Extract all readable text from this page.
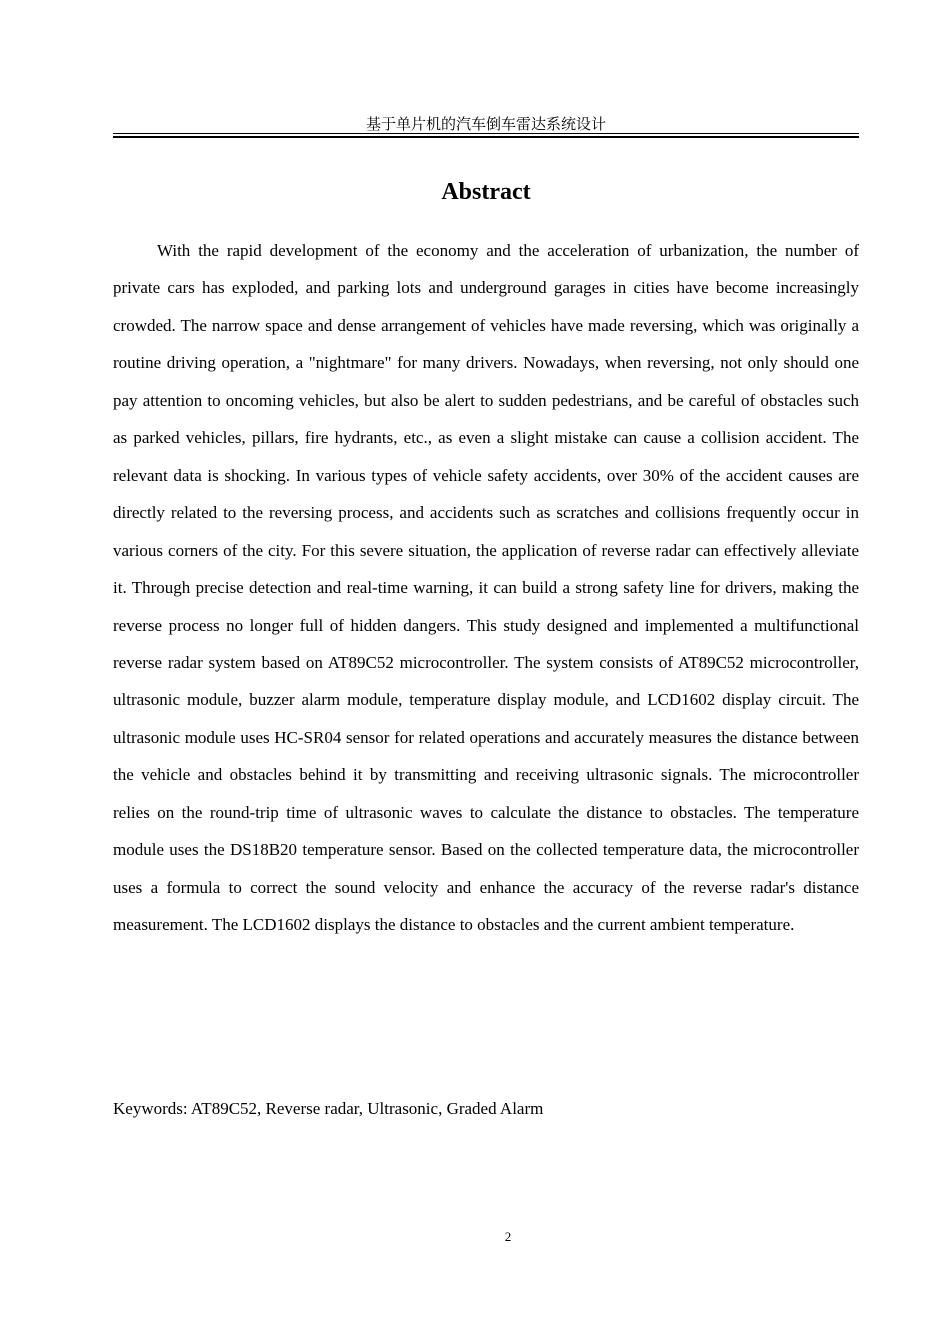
基于单片机的汽车倒车雷达系统设计
Abstract

With the rapid development of the economy and the acceleration of urbanization, the number of private cars has exploded, and parking lots and underground garages in cities have become increasingly crowded. The narrow space and dense arrangement of vehicles have made reversing, which was originally a routine driving operation, a "nightmare" for many drivers. Nowadays, when reversing, not only should one pay attention to oncoming vehicles, but also be alert to sudden pedestrians, and be careful of obstacles such as parked vehicles, pillars, fire hydrants, etc., as even a slight mistake can cause a collision accident. The relevant data is shocking. In various types of vehicle safety accidents, over 30% of the accident causes are directly related to the reversing process, and accidents such as scratches and collisions frequently occur in various corners of the city. For this severe situation, the application of reverse radar can effectively alleviate it. Through precise detection and real-time warning, it can build a strong safety line for drivers, making the reverse process no longer full of hidden dangers. This study designed and implemented a multifunctional reverse radar system based on AT89C52 microcontroller. The system consists of AT89C52 microcontroller, ultrasonic module, buzzer alarm module, temperature display module, and LCD1602 display circuit. The ultrasonic module uses HC-SR04 sensor for related operations and accurately measures the distance between the vehicle and obstacles behind it by transmitting and receiving ultrasonic signals. The microcontroller relies on the round-trip time of ultrasonic waves to calculate the distance to obstacles. The temperature module uses the DS18B20 temperature sensor. Based on the collected temperature data, the microcontroller uses a formula to correct the sound velocity and enhance the accuracy of the reverse radar's distance measurement. The LCD1602 displays the distance to obstacles and the current ambient temperature.

Keywords: AT89C52, Reverse radar, Ultrasonic, Graded Alarm

2
